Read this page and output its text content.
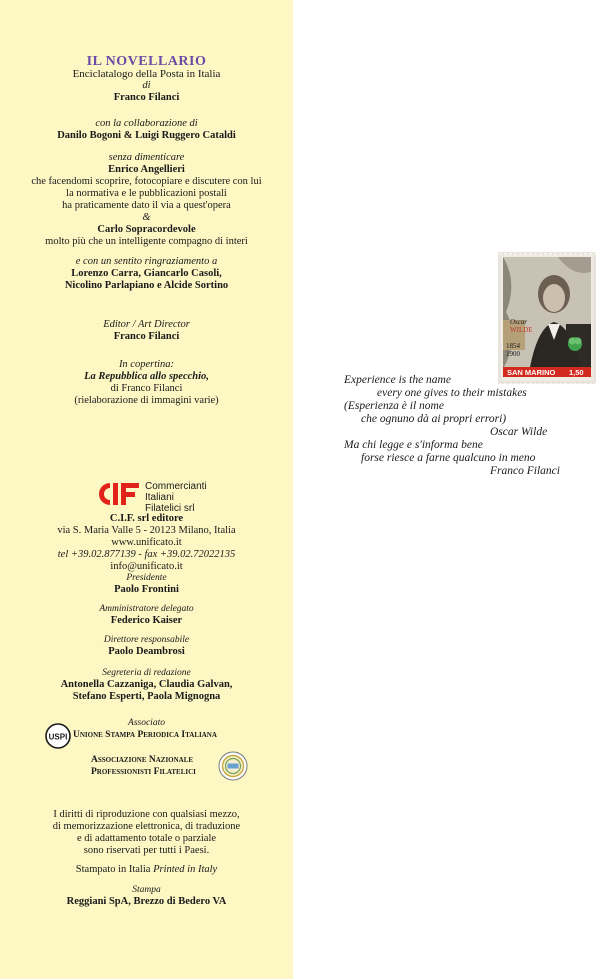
IL NOVELLARIO
Enciclatalogo della Posta in Italia
di
Franco Filanci
con la collaborazione di
Danilo Bogoni & Luigi Ruggero Cataldi
senza dimenticare
Enrico Angellieri
che facendomi scoprire, fotocopiare e discutere con lui
la normativa e le pubblicazioni postali
ha praticamente dato il via a quest'opera
&
Carlo Sopracordevole
molto più che un intelligente compagno di interi
e con un sentito ringraziamento a
Lorenzo Carra, Giancarlo Casoli,
Nicolino Parlapiano e Alcide Sortino
Editor / Art Director
Franco Filanci
In copertina:
La Repubblica allo specchio,
di Franco Filanci
(rielaborazione di immagini varie)
Commercianti
Italiani
Filatelici srl
C.I.F. srl editore
via S. Maria Valle 5 - 20123 Milano, Italia
www.unificato.it
tel +39.02.877139 - fax +39.02.72022135
info@unificato.it
Presidente
Paolo Frontini
Amministratore delegato
Federico Kaiser
Direttore responsabile
Paolo Deambrosi
Segreteria di redazione
Antonella Cazzaniga, Claudia Galvan,
Stefano Esperti, Paola Mignogna
Associato
USPI Unione Stampa Periodica Italiana
Associazione Nazionale
Professionisti Filatelici
I diritti di riproduzione con qualsiasi mezzo,
di memorizzazione elettronica, di traduzione
e di adattamento totale o parziale
sono riservati per tutti i Paesi.
Stampato in Italia Printed in Italy
Stampa
Reggiani SpA, Brezzo di Bedero VA
Oscar
WILDE
1854
1900
SAN MARINO 1,50
Experience is the name
every one gives to their mistakes
(Esperienza è il nome
che ognuno dà ai propri errori)
Oscar Wilde
Ma chi legge e s'informa bene
forse riesce a farne qualcuno in meno
Franco Filanci
